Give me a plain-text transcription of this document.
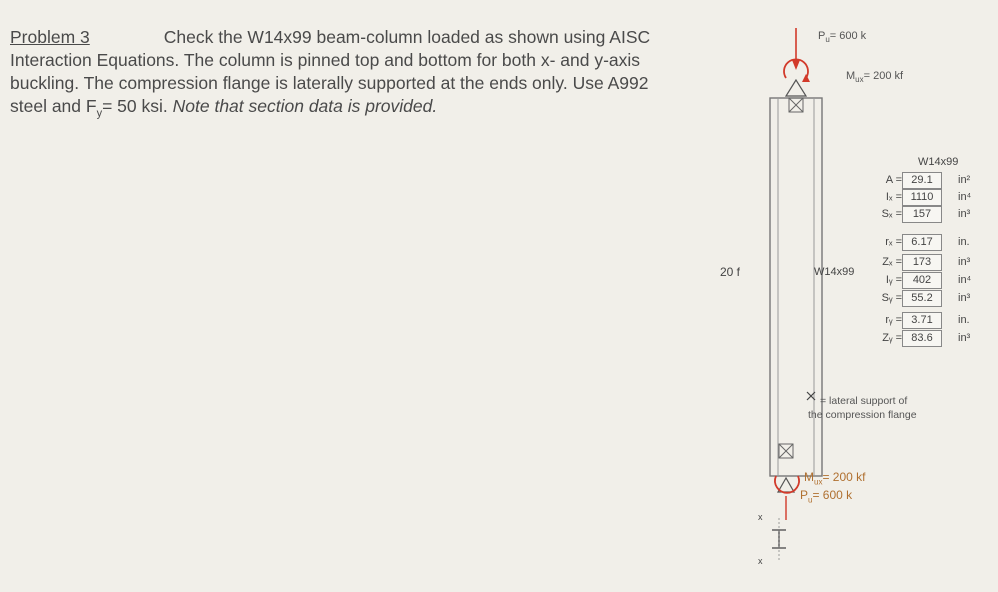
Problem 3	Check the W14x99 beam-column loaded as shown using AISC
Interaction Equations. The column is pinned top and bottom for both x- and y-axis
buckling. The compression flange is laterally supported at the ends only. Use A992
steel and $F_y= 50$ ksi. Note that section data is provided.
20 f	W14x99
$P_u= 600$ k
$M_{ux}= 200$ kf
$M_{ux}= 200$ kf
$P_u= 600$ k
x
x
= lateral support of
the compression flange
W14x99
A = 29.1	in²
Iₓ = 1110	in⁴
Sₓ = 157	in³
rₓ = 6.17	in.
Zₓ = 173	in³
Iᵧ = 402	in⁴
Sᵧ = 55.2	in³
rᵧ = 3.71	in.
Zᵧ = 83.6	in³
